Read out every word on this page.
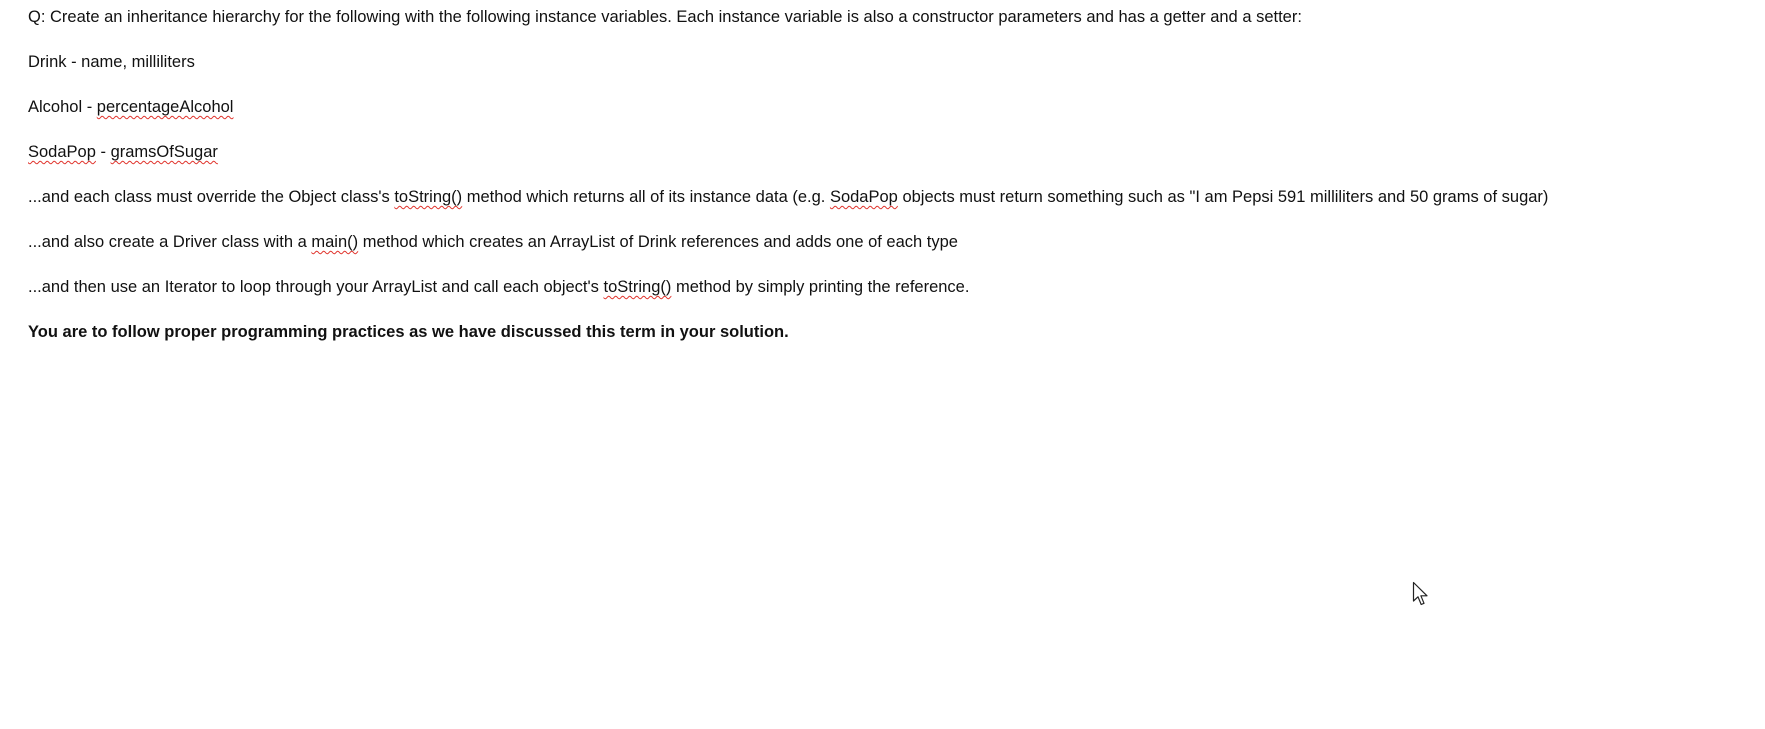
Q: Create an inheritance hierarchy for the following with the following instance variables. Each instance variable is also a constructor parameters and has a getter and a setter:

Drink - name, milliliters

Alcohol - percentageAlcohol

SodaPop - gramsOfSugar

...and each class must override the Object class's toString() method which returns all of its instance data (e.g. SodaPop objects must return something such as "I am Pepsi 591 milliliters and 50 grams of sugar)

...and also create a Driver class with a main() method which creates an ArrayList of Drink references and adds one of each type

...and then use an Iterator to loop through your ArrayList and call each object's toString() method by simply printing the reference.

You are to follow proper programming practices as we have discussed this term in your solution.
